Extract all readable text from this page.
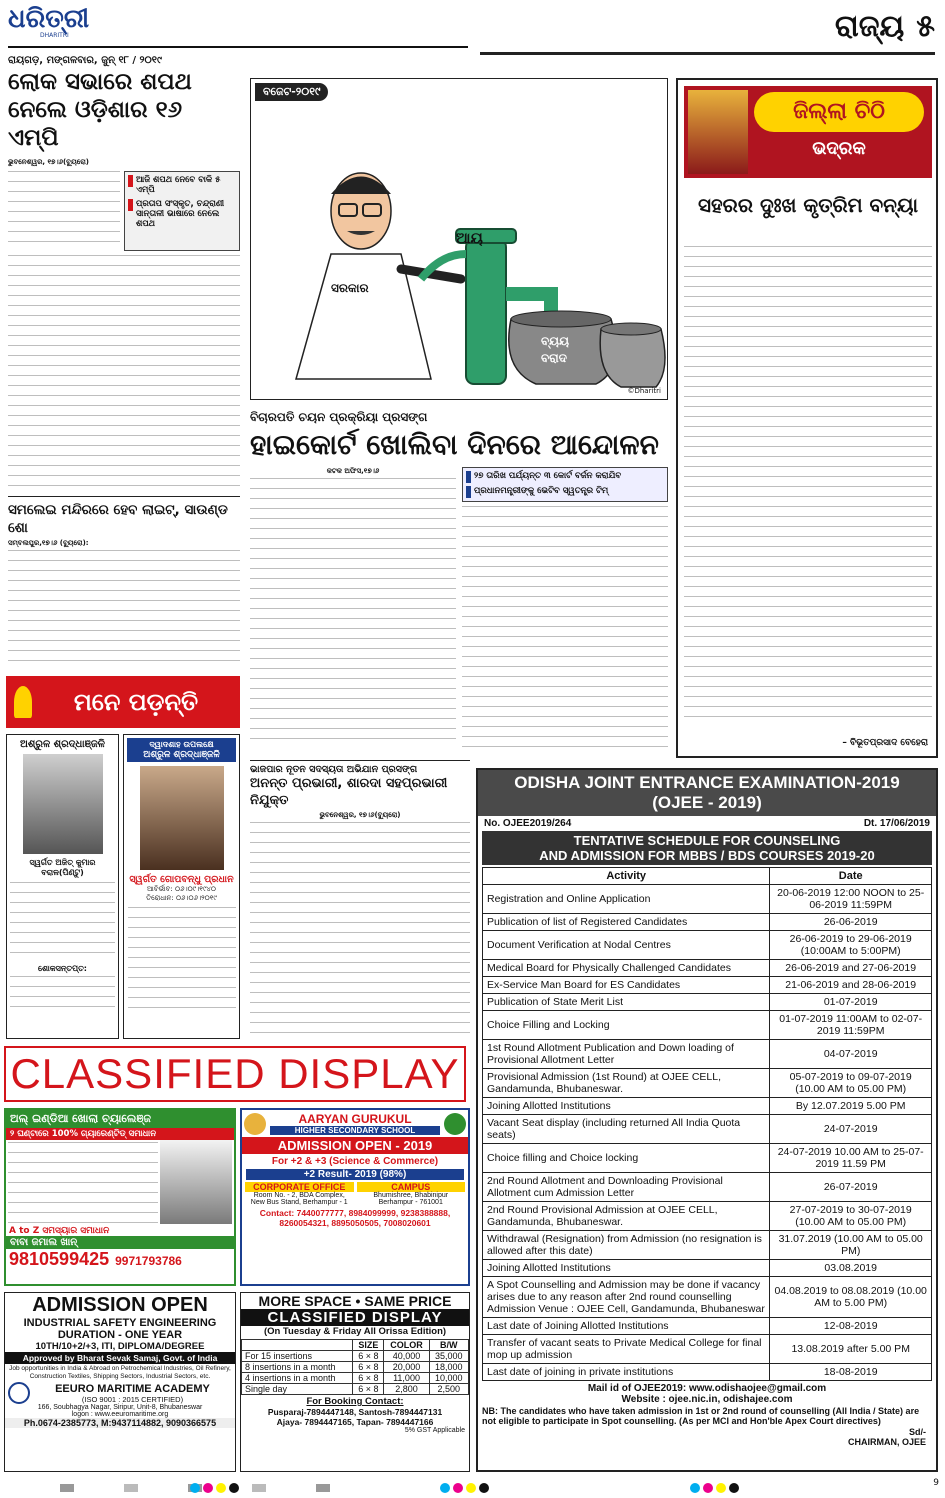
ଧରିତ୍ରୀ
DHARITRI
ରାୟଗଡ଼, ମଙ୍ଗଳବାର, ଜୁନ୍ ୧୮ / ୨୦୧୯
ରାଜ୍ୟ ୫
ଲୋକ ସଭାରେ ଶପଥ
ନେଲେ ଓଡ଼ିଶାର ୧୬ ଏମ୍‌ପି
ଭୁବନେଶ୍ୱର, ୧୭।୬(ବ୍ୟୁରୋ)
ଆଜି ଶପଥ ନେବେ ବାକି ୫ ଏମ୍‌ପି
ପ୍ରତାପ ସଂସ୍କୃତ, ଚନ୍ଦ୍ରାଣୀ ସାନ୍ତାଳୀ ଭାଷାରେ ନେଲେ ଶପଥ
ସମଲେଇ ମନ୍ଦିରରେ ହେବ ଲାଇଟ୍‌, ସାଉଣ୍ଡ ଶୋ
ସମ୍ବଲପୁର,୧୭।୬ (ବ୍ୟୁରୋ):
ବଜେଟ-୨୦୧୯
ଆୟ
ସରକାର
ବ୍ୟୟ
ବରାଦ
©Dharitri
ବିଚାରପତି ଚୟନ ପ୍ରକ୍ରିୟା ପ୍ରସଙ୍ଗ
ହାଇକୋର୍ଟ ଖୋଲିବା ଦିନରେ ଆନ୍ଦୋଳନ
କଟକ ଅଫିସ,୧୭।୬	୨୭ ତାରିଖ ପର୍ଯ୍ୟନ୍ତ ୩ କୋର୍ଟ ବର୍ଜନ କରାଯିବ
ପ୍ରଧାନମନ୍ତ୍ରୀଙ୍କୁ ଭେଟିବ ସ୍ୱତନ୍ତ୍ର ଟିମ୍
ଭାଜପାର ନୂତନ ସଦସ୍ୟତା ଅଭିଯାନ ପ୍ରସଙ୍ଗ
ଅନନ୍ତ ପ୍ରଭାରୀ, ଶାରଦା ସହପ୍ରଭାରୀ ନିଯୁକ୍ତ
ଭୁବନେଶ୍ୱର, ୧୭।୬(ବ୍ୟୁରୋ)
ଜିଲ୍ଲା ଚିଠି
ଭଦ୍ରକ
ସହରର ଦୁଃଖ କୃତ୍ରିମ ବନ୍ୟା
– ବିଭୂତପ୍ରସାଦ ବେହେରା
ମନେ ପଡ଼ନ୍ତି
ଅଶ୍ରୁଳ ଶ୍ରଦ୍ଧାଞ୍ଜଳି
ସ୍ୱର୍ଗତ ଅଜିତ୍ କୁମାର ବରାଳ(ପିଣ୍ଟୁ)
ଶୋକସନ୍ତପ୍ତ:
ଦ୍ୱାଦଶାହ ଉପଲକ୍ଷେ
ଅଶ୍ରୁଳ ଶ୍ରଦ୍ଧାଞ୍ଜଳି
ସ୍ୱର୍ଗତ ଗୋପବନ୍ଧୁ ପ୍ରଧାନ
ଆବିର୍ଭାବ: ୦୬।୦୯।୧୯୪୦
ତିରୋଧାନ: ୦୬।୦୬।୨୦୧୯
CLASSIFIED DISPLAY
ଅଲ୍ ଇଣ୍ଡିଆ ଖୋଲା ଚ୍ୟାଲେଞ୍ଜ
୨ ଘଣ୍ଟାରେ 100% ଗ୍ୟାରେଣ୍ଟିଡ୍ ସମାଧାନ
A to Z ସମସ୍ୟାର ସମାଧାନ
ବାବା ଜମାଲ ଖାନ୍
9810599425 9971793786
AARYAN GURUKUL
HIGHER SECONDARY SCHOOL
ADMISSION OPEN - 2019
For +2 & +3 (Science & Commerce)
+2 Result- 2019 (98%)
CORPORATE OFFICE
Room No. - 2, BDA Complex,
New Bus Stand, Berhampur - 1
CAMPUS
Bhumishree, Bhabinipur
Berhampur - 761001
Contact: 7440077777, 8984099999, 9238388888, 8260054321, 8895050505, 7008020601
ADMISSION OPEN
INDUSTRIAL SAFETY ENGINEERING
DURATION - ONE YEAR
10TH/10+2/+3, ITI, DIPLOMA/DEGREE
Approved by Bharat Sevak Samaj, Govt. of India
Job opportunities in India & Abroad on Petrochemical Industries, Oil Refinery, Construction Textiles, Shipping Sectors, Industrial Sectors, etc.
EEURO MARITIME ACADEMY
(ISO 9001 : 2015 CERTIFIED)
166, Soubhagya Nagar, Siripur, Unit-8, Bhubaneswar
logon : www.eeuromaritime.org
Ph.0674-2385773, M:9437114882, 9090366575
MORE SPACE • SAME PRICE
CLASSIFIED DISPLAY
(On Tuesday & Friday All Orissa Edition)
	SIZE	COLOR	B/W
For 15 insertions	6 × 8	40,000	35,000
8 insertions in a month	6 × 8	20,000	18,000
4 insertions in a month	6 × 8	11,000	10,000
Single day	6 × 8	2,800	2,500
For Booking Contact:
Pusparaj-7894447148, Santosh-7894447131
Ajaya- 7894447165, Tapan- 7894447166
5% GST Applicable
ODISHA JOINT ENTRANCE EXAMINATION-2019
(OJEE - 2019)
No. OJEE2019/264	Dt. 17/06/2019
TENTATIVE SCHEDULE FOR COUNSELING
AND ADMISSION FOR MBBS / BDS COURSES 2019-20
Activity	Date
Registration and Online Application	20-06-2019 12:00 NOON to 25-06-2019 11:59PM
Publication of list of Registered Candidates	26-06-2019
Document Verification at Nodal Centres	26-06-2019 to 29-06-2019 (10:00AM to 5:00PM)
Medical Board for Physically Challenged Candidates	26-06-2019 and 27-06-2019
Ex-Service Man Board for ES Candidates	21-06-2019 and 28-06-2019
Publication of State Merit List	01-07-2019
Choice Filling and Locking	01-07-2019 11:00AM to 02-07-2019 11:59PM
1st Round Allotment Publication and Down loading of Provisional Allotment Letter	04-07-2019
Provisional Admission (1st Round) at OJEE CELL, Gandamunda, Bhubaneswar.	05-07-2019 to 09-07-2019 (10.00 AM to 05.00 PM)
Joining Allotted Institutions	By 12.07.2019 5.00 PM
Vacant Seat display (including returned All India Quota seats)	24-07-2019
Choice filling and Choice locking	24-07-2019 10.00 AM to 25-07-2019 11.59 PM
2nd Round Allotment and Downloading Provisional Allotment cum Admission Letter	26-07-2019
2nd Round Provisional Admission at OJEE CELL, Gandamunda, Bhubaneswar.	27-07-2019 to 30-07-2019 (10.00 AM to 05.00 PM)
Withdrawal (Resignation) from Admission (no resignation is allowed after this date)	31.07.2019 (10.00 AM to 05.00 PM)
Joining Allotted Institutions	03.08.2019
A Spot Counselling and Admission may be done if vacancy arises due to any reason after 2nd round counselling Admission Venue : OJEE Cell, Gandamunda, Bhubaneswar	04.08.2019 to 08.08.2019 (10.00 AM to 5.00 PM)
Last date of Joining Allotted Institutions	12-08-2019
Transfer of vacant seats to Private Medical College for final mop up admission	13.08.2019 after 5.00 PM
Last date of joining in private institutions	18-08-2019
Mail id of OJEE2019: www.odishaojee@gmail.com
Website : ojee.nic.in, odishajee.com
NB: The candidates who have taken admission in 1st or 2nd round of counselling (All India / State) are not eligible to participate in Spot counselling. (As per MCI and Hon'ble Apex Court directives)
Sd/-
CHAIRMAN, OJEE
9
